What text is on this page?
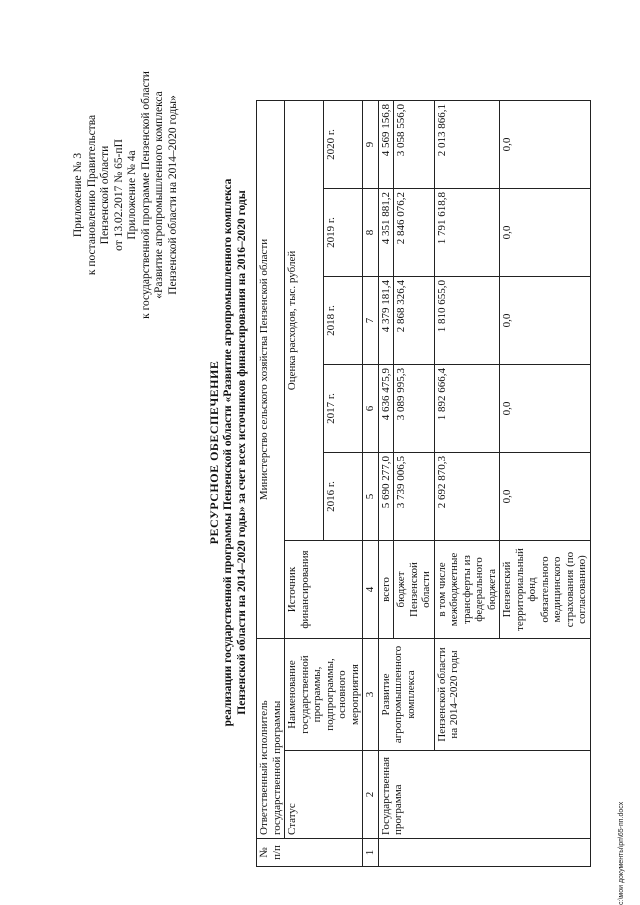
Приложение № 3 к постановлению Правительства Пензенской области от 13.02.2017 № 65-пП Приложение № 4а к государственной программе Пензенской области «Развитие агропромышленного комплекса Пензенской области на 2014–2020 годы»
РЕСУРСНОЕ ОБЕСПЕЧЕНИЕ реализации государственной программы Пензенской области «Развитие агропромышленного комплекса Пензенской области на 2014–2020 годы» за счет всех источников финансирования на 2016–2020 годы
№ п/п	Ответственный исполнитель государственной программы		Министерство сельского хозяйства Пензенской области					
	Статус	Наименование государственной программы, подпрограммы, основного мероприятия	Источник финансирования	Оценка расходов, тыс. рублей				
				2016 г.	2017 г.	2018 г.	2019 г.	2020 г.
1	2	3	4	5	6	7	8	9
	Государственная программа	Развитие агропромышленного комплекса	всего	5 690 277,0	4 636 475,9	4 379 181,4	4 351 881,2	4 569 156,8
			бюджет Пензенской области	3 739 006,5	3 089 995,3	2 868 326,4	2 846 076,2	3 058 556,0
		Пензенской области на 2014–2020 годы	в том числе межбюджетные трансферты из федерального бюджета	2 692 870,3	1 892 666,4	1 810 655,0	1 791 618,8	2 013 866,1
			Пензенский территориальный фонд обязательного медицинского страхования (по согласованию)	0,0	0,0	0,0	0,0	0,0
c:\мои документы\рп\65-пп.docx
